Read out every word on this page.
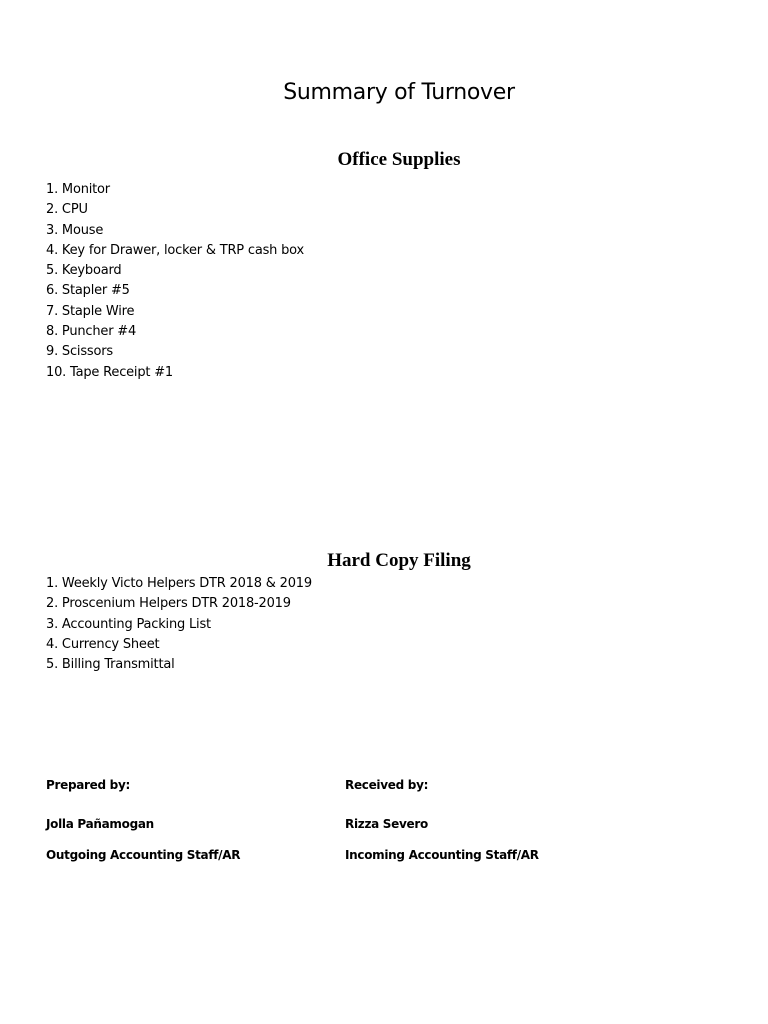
Summary of Turnover
Office Supplies
1. Monitor
2. CPU
3. Mouse
4. Key for Drawer, locker & TRP cash box
5. Keyboard
6. Stapler #5
7. Staple Wire
8. Puncher #4
9. Scissors
10. Tape Receipt #1
Hard Copy Filing
1. Weekly Victo Helpers DTR 2018 & 2019
2. Proscenium Helpers DTR 2018-2019
3. Accounting Packing List
4. Currency Sheet
5. Billing Transmittal
Prepared by:	Received by:
Jolla Pañamogan	Rizza Severo
Outgoing Accounting Staff/AR	Incoming Accounting Staff/AR
